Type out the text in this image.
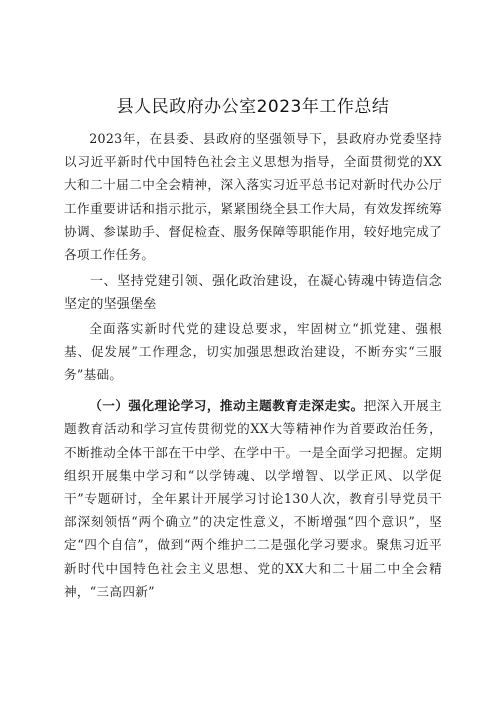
县人民政府办公室2023年工作总结

2023年，在县委、县政府的坚强领导下，县政府办党委坚持以习近平新时代中国特色社会主义思想为指导，全面贯彻党的XX大和二十届二中全会精神，深入落实习近平总书记对新时代办公厅工作重要讲话和指示批示，紧紧围绕全县工作大局，有效发挥统筹协调、参谋助手、督促检查、服务保障等职能作用，较好地完成了各项工作任务。

一、坚持党建引领、强化政治建设，在凝心铸魂中铸造信念坚定的坚强堡垒

全面落实新时代党的建设总要求，牢固树立“抓党建、强根基、促发展”工作理念，切实加强思想政治建设，不断夯实“三服务”基础。

（一）强化理论学习，推动主题教育走深走实。把深入开展主题教育活动和学习宣传贯彻党的XX大等精神作为首要政治任务，不断推动全体干部在干中学、在学中干。一是全面学习把握。定期组织开展集中学习和“以学铸魂、以学增智、以学正风、以学促干”专题研讨，全年累计开展学习讨论130人次，教育引导党员干部深刻领悟“两个确立”的决定性意义，不断增强“四个意识”，坚定“四个自信”，做到“两个维护二二是强化学习要求。聚焦习近平新时代中国特色社会主义思想、党的XX大和二十届二中全会精神，“三高四新”
